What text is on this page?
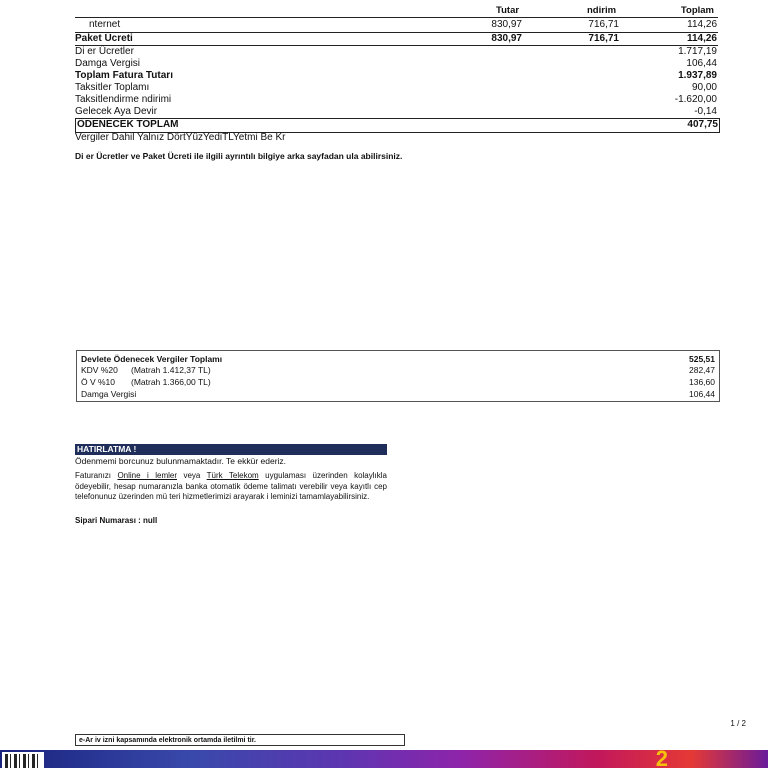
Tutar	ndirim	Toplam
nternet	830,97	716,71	114,26
Paket Ücreti	830,97	716,71	114,26
Di er Ücretler	1.717,19
Damga Vergisi	106,44
Toplam Fatura Tutarı	1.937,89
Taksitler Toplamı	90,00
Taksitlendirme ndirimi	-1.620,00
Gelecek Aya Devir	-0,14
ÖDENECEK TOPLAM	407,75
Vergiler Dahil Yalnız DörtYüzYediTLYetmi Be Kr
Di er Ücretler ve Paket Ücreti ile ilgili ayrıntılı bilgiye arka sayfadan ula abilirsiniz.
Devlete Ödenecek Vergiler Toplamı	525,51
KDV %20 (Matrah 1.412,37 TL)	282,47
Ö V %10 (Matrah 1.366,00 TL)	136,60
Damga Vergisi	106,44
HATIRLATMA !
Ödenmemi borcunuz bulunmamaktadır. Te ekkür ederiz.
Faturanızı Online i lemler veya Türk Telekom uygulaması üzerinden kolaylıkla ödeyebilir, hesap numaranızla banka otomatik ödeme talimatı verebilir veya kayıtlı cep telefonunuz üzerinden mü teri hizmetlerimizi arayarak i leminizi tamamlayabilirsiniz.
Sipari Numarası : null
1 / 2
e-Ar iv izni kapsamında elektronik ortamda iletilmi tir.
2
